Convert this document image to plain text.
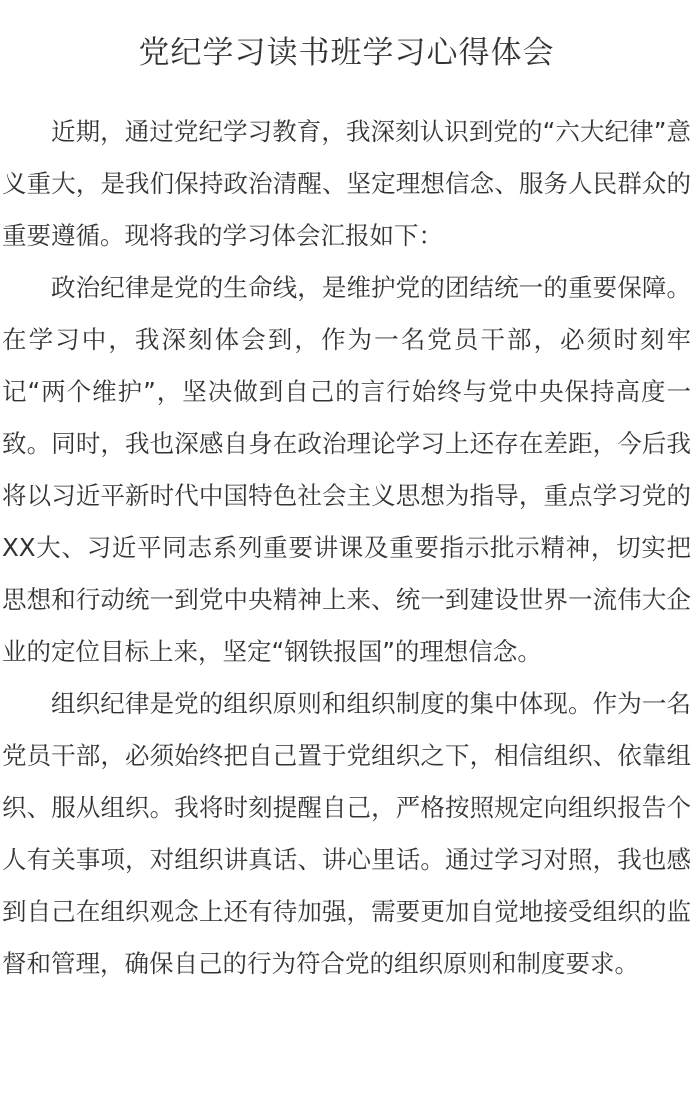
党纪学习读书班学习心得体会

近期，通过党纪学习教育，我深刻认识到党的“六大纪律”意义重大，是我们保持政治清醒、坚定理想信念、服务人民群众的重要遵循。现将我的学习体会汇报如下：

政治纪律是党的生命线，是维护党的团结统一的重要保障。在学习中，我深刻体会到，作为一名党员干部，必须时刻牢记“两个维护”，坚决做到自己的言行始终与党中央保持高度一致。同时，我也深感自身在政治理论学习上还存在差距，今后我将以习近平新时代中国特色社会主义思想为指导，重点学习党的XX大、习近平同志系列重要讲课及重要指示批示精神，切实把思想和行动统一到党中央精神上来、统一到建设世界一流伟大企业的定位目标上来，坚定“钢铁报国”的理想信念。

组织纪律是党的组织原则和组织制度的集中体现。作为一名党员干部，必须始终把自己置于党组织之下，相信组织、依靠组织、服从组织。我将时刻提醒自己，严格按照规定向组织报告个人有关事项，对组织讲真话、讲心里话。通过学习对照，我也感到自己在组织观念上还有待加强，需要更加自觉地接受组织的监督和管理，确保自己的行为符合党的组织原则和制度要求。
